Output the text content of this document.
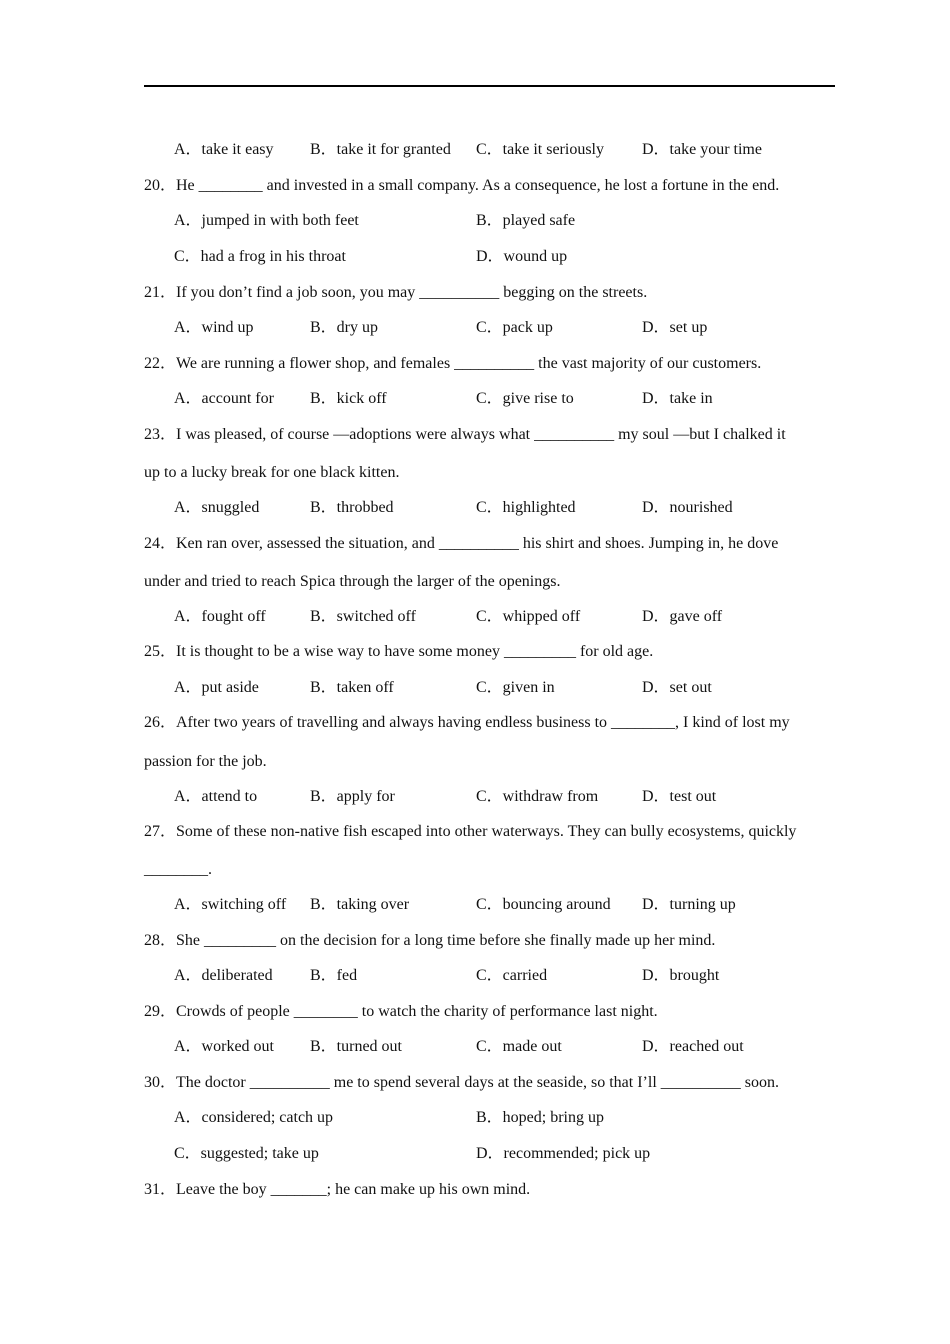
A．take it easy B．take it for granted C．take it seriously D．take your time
20．He ________ and invested in a small company. As a consequence, he lost a fortune in the end.
A．jumped in with both feet	B．played safe
C．had a frog in his throat	D．wound up
21．If you don’t find a job soon, you may __________ begging on the streets.
A．wind up	B．dry up	C．pack up	D．set up
22．We are running a flower shop, and females __________ the vast majority of our customers.
A．account for B．kick off	C．give rise to	D．take in
23．I was pleased, of course —adoptions were always what __________ my soul —but I chalked it
up to a lucky break for one black kitten.
A．snuggled	B．throbbed	C．highlighted	D．nourished
24．Ken ran over, assessed the situation, and __________ his shirt and shoes. Jumping in, he dove
under and tried to reach Spica through the larger of the openings.
A．fought off	B．switched off	C．whipped off	D．gave off
25．It is thought to be a wise way to have some money _________ for old age.
A．put aside	B．taken off	C．given in	D．set out
26．After two years of travelling and always having endless business to ________, I kind of lost my
passion for the job.
A．attend to	B．apply for	C．withdraw from	D．test out
27．Some of these non-native fish escaped into other waterways. They can bully ecosystems, quickly
________.
A．switching off B．taking over	C．bouncing around D．turning up
28．She _________ on the decision for a long time before she finally made up her mind.
A．deliberated B．fed	C．carried	D．brought
29．Crowds of people ________ to watch the charity of performance last night.
A．worked out B．turned out	C．made out	D．reached out
30．The doctor __________ me to spend several days at the seaside, so that I’ll __________ soon.
A．considered; catch up	B．hoped; bring up
C．suggested; take up	D．recommended; pick up
31．Leave the boy _______; he can make up his own mind.
